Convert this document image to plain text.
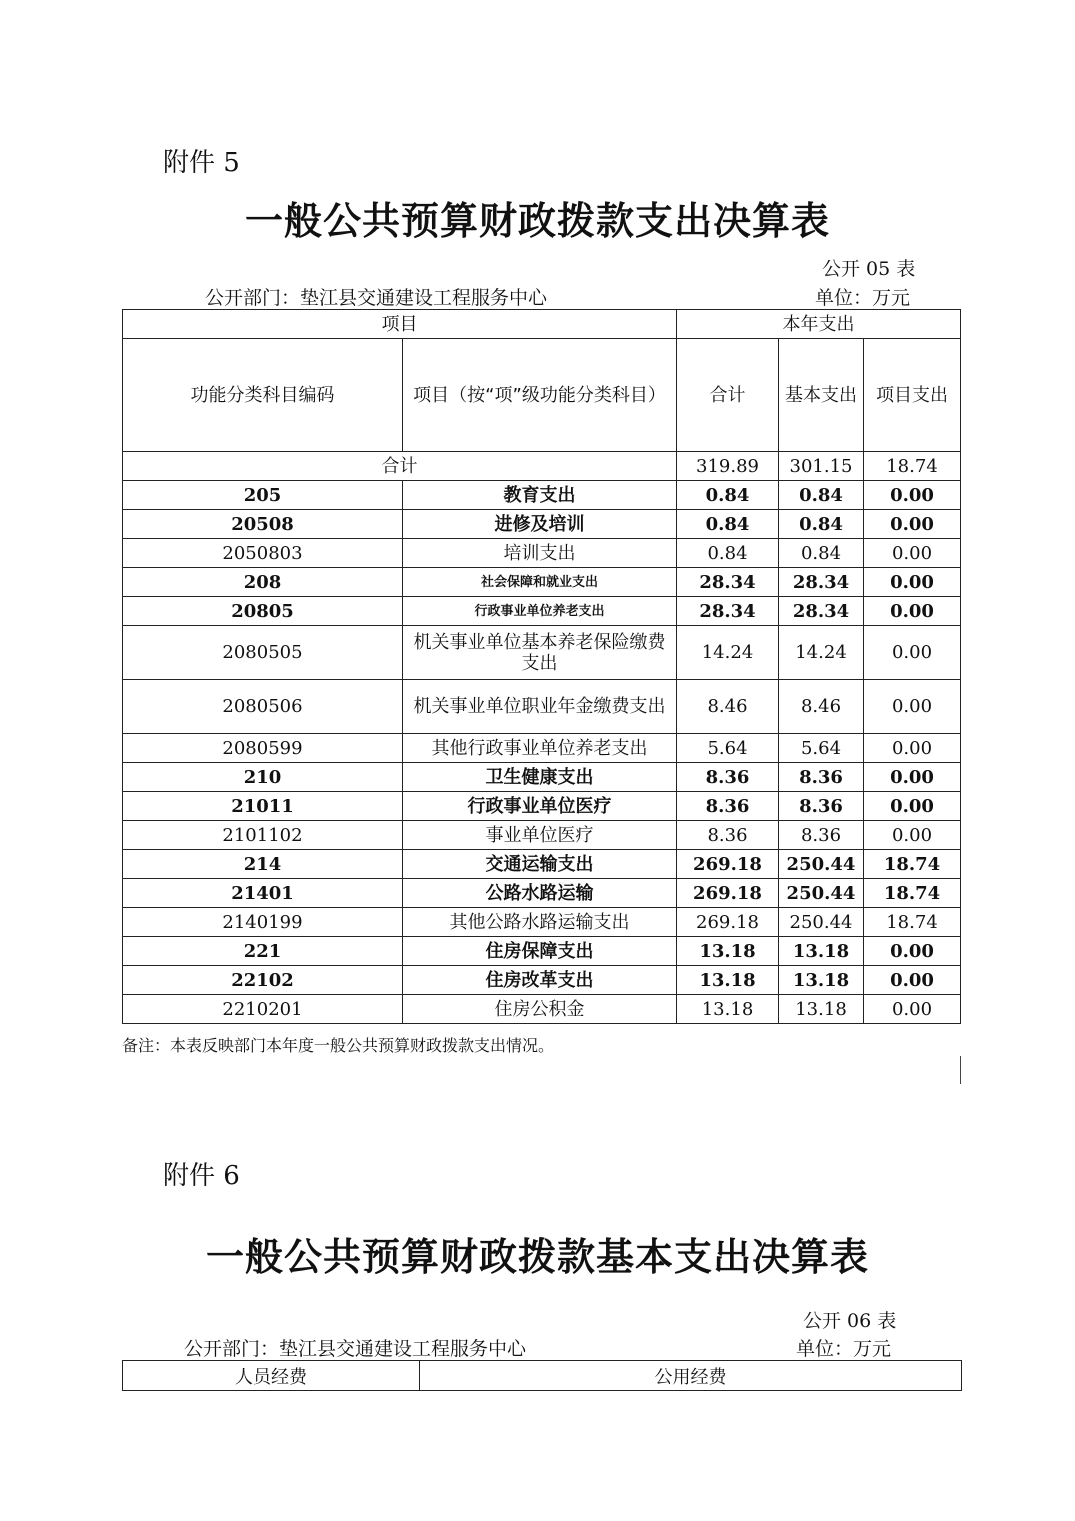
附件 5
一般公共预算财政拨款支出决算表
公开 05 表
公开部门：垫江县交通建设工程服务中心	单位：万元
项目		本年支出		
功能分类科目编码	项目（按“项”级功能分类科目）	合计	基本支出	项目支出
合计		319.89	301.15	18.74
205	教育支出	0.84	0.84	0.00
20508	进修及培训	0.84	0.84	0.00
2050803	培训支出	0.84	0.84	0.00
208	社会保障和就业支出	28.34	28.34	0.00
20805	行政事业单位养老支出	28.34	28.34	0.00
2080505	机关事业单位基本养老保险缴费支出	14.24	14.24	0.00
2080506	机关事业单位职业年金缴费支出	8.46	8.46	0.00
2080599	其他行政事业单位养老支出	5.64	5.64	0.00
210	卫生健康支出	8.36	8.36	0.00
21011	行政事业单位医疗	8.36	8.36	0.00
2101102	事业单位医疗	8.36	8.36	0.00
214	交通运输支出	269.18	250.44	18.74
21401	公路水路运输	269.18	250.44	18.74
2140199	其他公路水路运输支出	269.18	250.44	18.74
221	住房保障支出	13.18	13.18	0.00
22102	住房改革支出	13.18	13.18	0.00
2210201	住房公积金	13.18	13.18	0.00
备注：本表反映部门本年度一般公共预算财政拨款支出情况。
附件 6
一般公共预算财政拨款基本支出决算表
公开 06 表
公开部门：垫江县交通建设工程服务中心	单位：万元
人员经费	公用经费
